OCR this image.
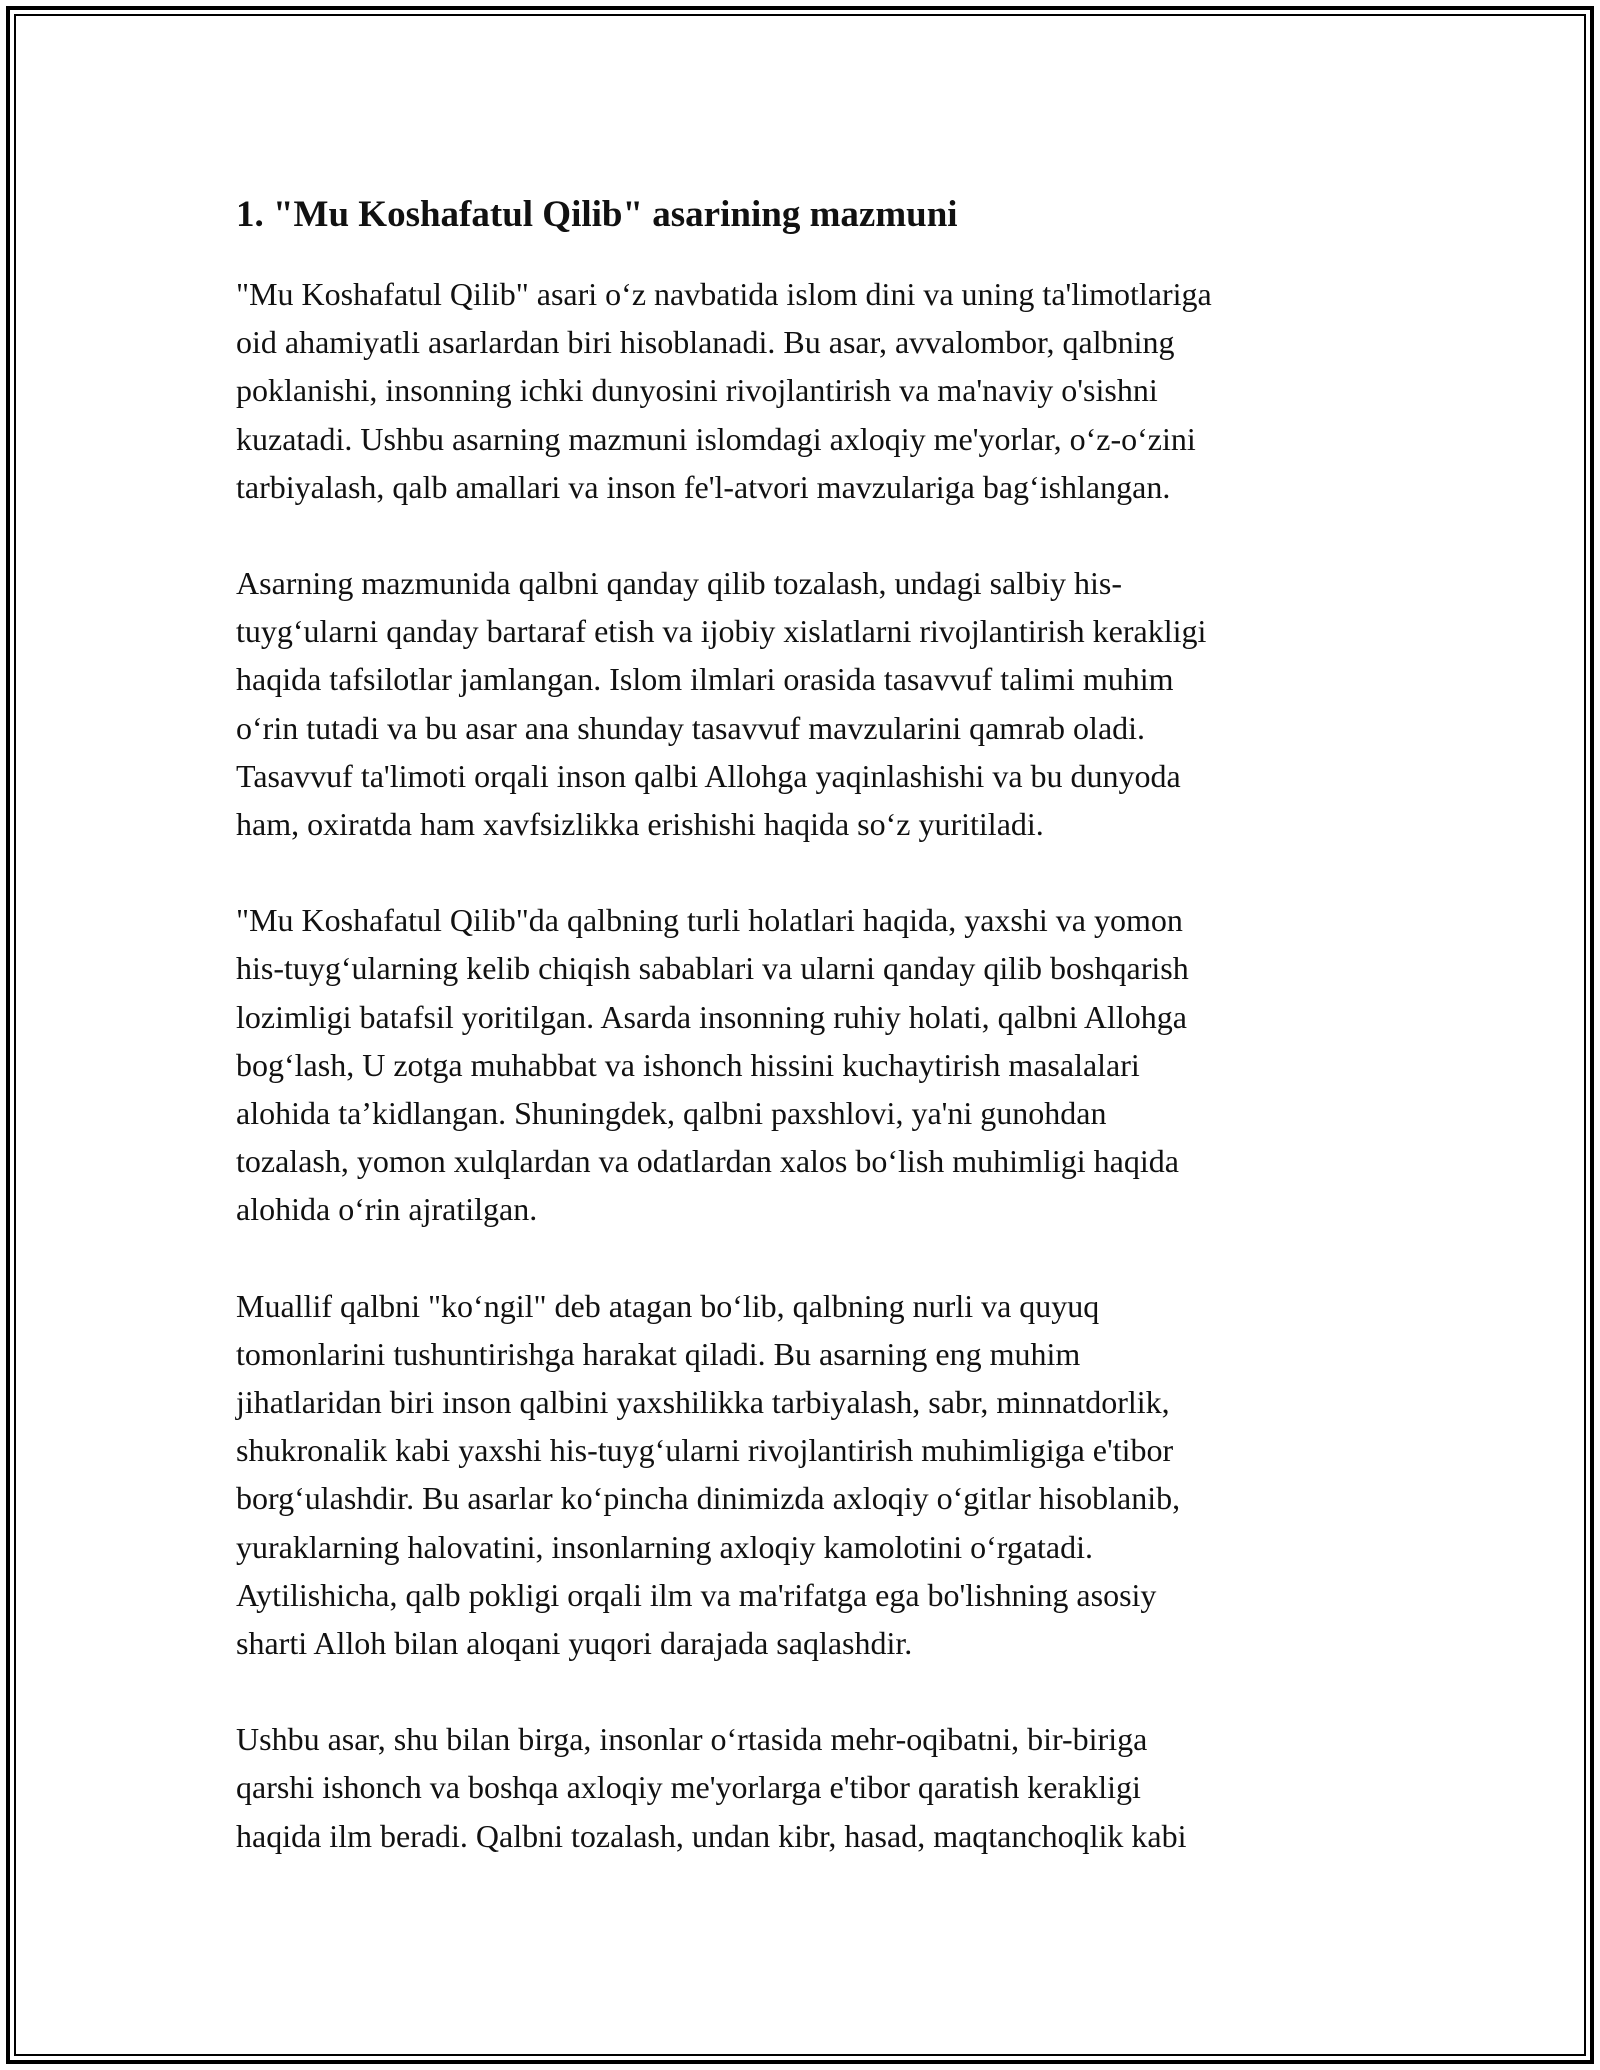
1. "Mu Koshafatul Qilib" asarining mazmuni

"Mu Koshafatul Qilib" asari o‘z navbatida islom dini va uning ta'limotlariga
oid ahamiyatli asarlardan biri hisoblanadi. Bu asar, avvalombor, qalbning
poklanishi, insonning ichki dunyosini rivojlantirish va ma'naviy o'sishni
kuzatadi. Ushbu asarning mazmuni islomdagi axloqiy me'yorlar, o‘z-o‘zini
tarbiyalash, qalb amallari va inson fe'l-atvori mavzulariga bag‘ishlangan.

Asarning mazmunida qalbni qanday qilib tozalash, undagi salbiy his-
tuyg‘ularni qanday bartaraf etish va ijobiy xislatlarni rivojlantirish kerakligi
haqida tafsilotlar jamlangan. Islom ilmlari orasida tasavvuf talimi muhim
o‘rin tutadi va bu asar ana shunday tasavvuf mavzularini qamrab oladi.
Tasavvuf ta'limoti orqali inson qalbi Allohga yaqinlashishi va bu dunyoda
ham, oxiratda ham xavfsizlikka erishishi haqida so‘z yuritiladi.

"Mu Koshafatul Qilib"da qalbning turli holatlari haqida, yaxshi va yomon
his-tuyg‘ularning kelib chiqish sabablari va ularni qanday qilib boshqarish
lozimligi batafsil yoritilgan. Asarda insonning ruhiy holati, qalbni Allohga
bog‘lash, U zotga muhabbat va ishonch hissini kuchaytirish masalalari
alohida ta’kidlangan. Shuningdek, qalbni paxshlovi, ya'ni gunohdan
tozalash, yomon xulqlardan va odatlardan xalos bo‘lish muhimligi haqida
alohida o‘rin ajratilgan.

Muallif qalbni "ko‘ngil" deb atagan bo‘lib, qalbning nurli va quyuq
tomonlarini tushuntirishga harakat qiladi. Bu asarning eng muhim
jihatlaridan biri inson qalbini yaxshilikka tarbiyalash, sabr, minnatdorlik,
shukronalik kabi yaxshi his-tuyg‘ularni rivojlantirish muhimligiga e'tibor
borg‘ulashdir. Bu asarlar ko‘pincha dinimizda axloqiy o‘gitlar hisoblanib,
yuraklarning halovatini, insonlarning axloqiy kamolotini o‘rgatadi.
Aytilishicha, qalb pokligi orqali ilm va ma'rifatga ega bo'lishning asosiy
sharti Alloh bilan aloqani yuqori darajada saqlashdir.

Ushbu asar, shu bilan birga, insonlar o‘rtasida mehr-oqibatni, bir-biriga
qarshi ishonch va boshqa axloqiy me'yorlarga e'tibor qaratish kerakligi
haqida ilm beradi. Qalbni tozalash, undan kibr, hasad, maqtanchoqlik kabi
